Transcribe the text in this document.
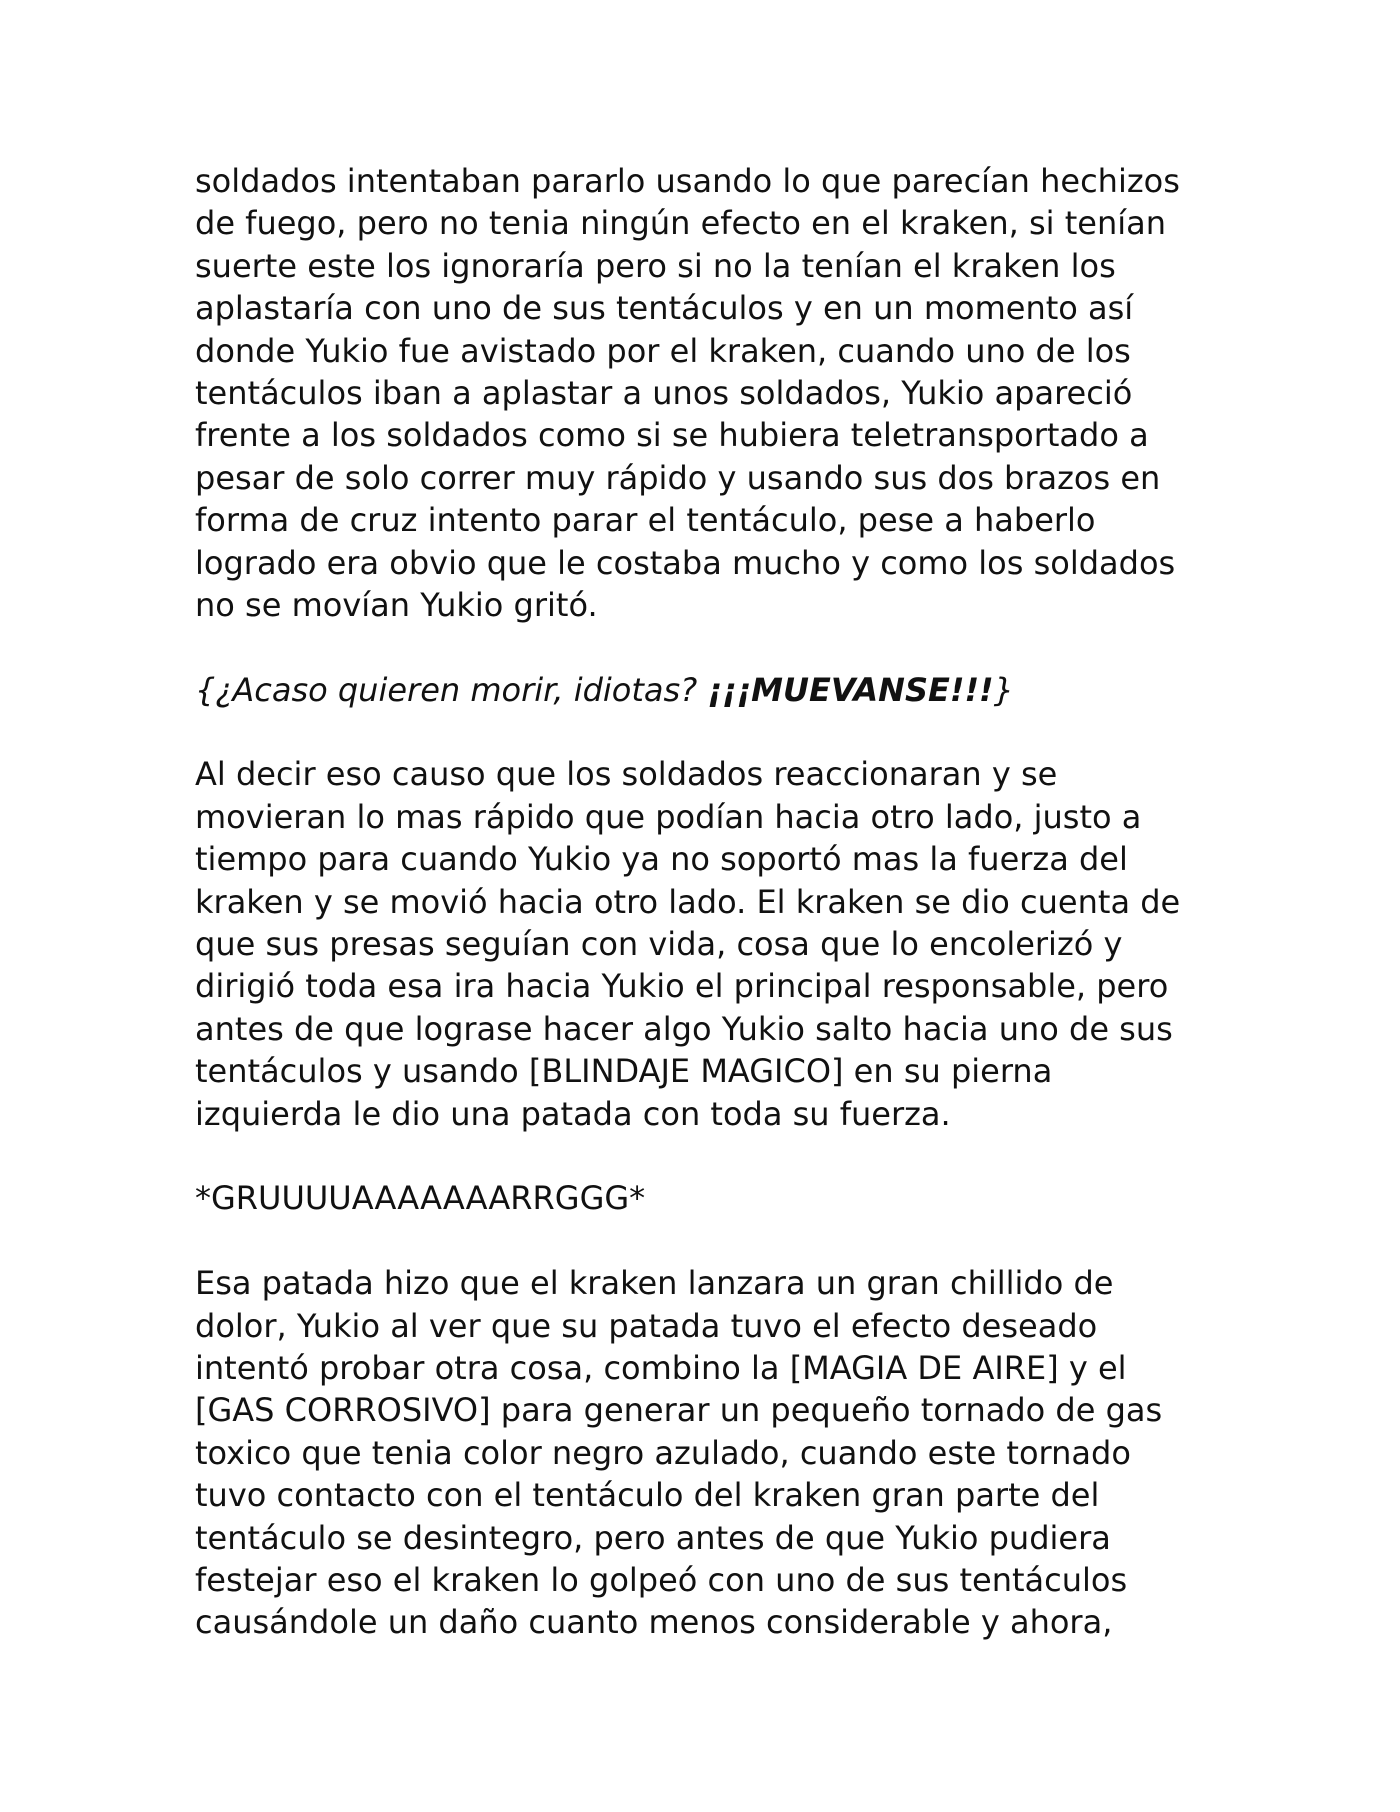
soldados intentaban pararlo usando lo que parecían hechizos
de fuego, pero no tenia ningún efecto en el kraken, si tenían
suerte este los ignoraría pero si no la tenían el kraken los
aplastaría con uno de sus tentáculos y en un momento así
donde Yukio fue avistado por el kraken, cuando uno de los
tentáculos iban a aplastar a unos soldados, Yukio apareció
frente a los soldados como si se hubiera teletransportado a
pesar de solo correr muy rápido y usando sus dos brazos en
forma de cruz intento parar el tentáculo, pese a haberlo
logrado era obvio que le costaba mucho y como los soldados
no se movían Yukio gritó.

{¿Acaso quieren morir, idiotas? ¡¡¡MUEVANSE!!!}

Al decir eso causo que los soldados reaccionaran y se
movieran lo mas rápido que podían hacia otro lado, justo a
tiempo para cuando Yukio ya no soportó mas la fuerza del
kraken y se movió hacia otro lado. El kraken se dio cuenta de
que sus presas seguían con vida, cosa que lo encolerizó y
dirigió toda esa ira hacia Yukio el principal responsable, pero
antes de que lograse hacer algo Yukio salto hacia uno de sus
tentáculos y usando [BLINDAJE MAGICO] en su pierna
izquierda le dio una patada con toda su fuerza.

*GRUUUUAAAAAAARRGGG*

Esa patada hizo que el kraken lanzara un gran chillido de
dolor, Yukio al ver que su patada tuvo el efecto deseado
intentó probar otra cosa, combino la [MAGIA DE AIRE] y el
[GAS CORROSIVO] para generar un pequeño tornado de gas
toxico que tenia color negro azulado, cuando este tornado
tuvo contacto con el tentáculo del kraken gran parte del
tentáculo se desintegro, pero antes de que Yukio pudiera
festejar eso el kraken lo golpeó con uno de sus tentáculos
causándole un daño cuanto menos considerable y ahora,
